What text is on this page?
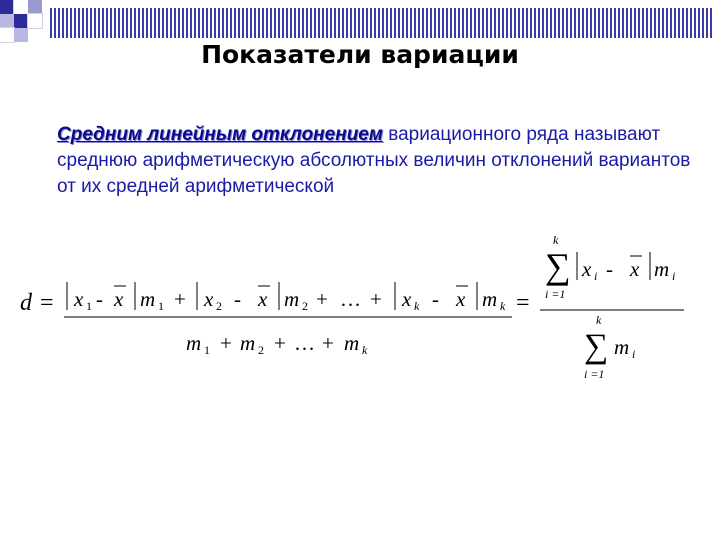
Показатели вариации
Средним линейным отклонением вариационного ряда называют среднюю арифметическую абсолютных величин отклонений вариантов от их средней арифметической
d = x 1 - x m 1 + x 2 - x m 2 + … + x k - x m k
m 1 + m 2 + … + m k
=
k
∑
i =1
x i - x m i
k
∑
i =1
m i
